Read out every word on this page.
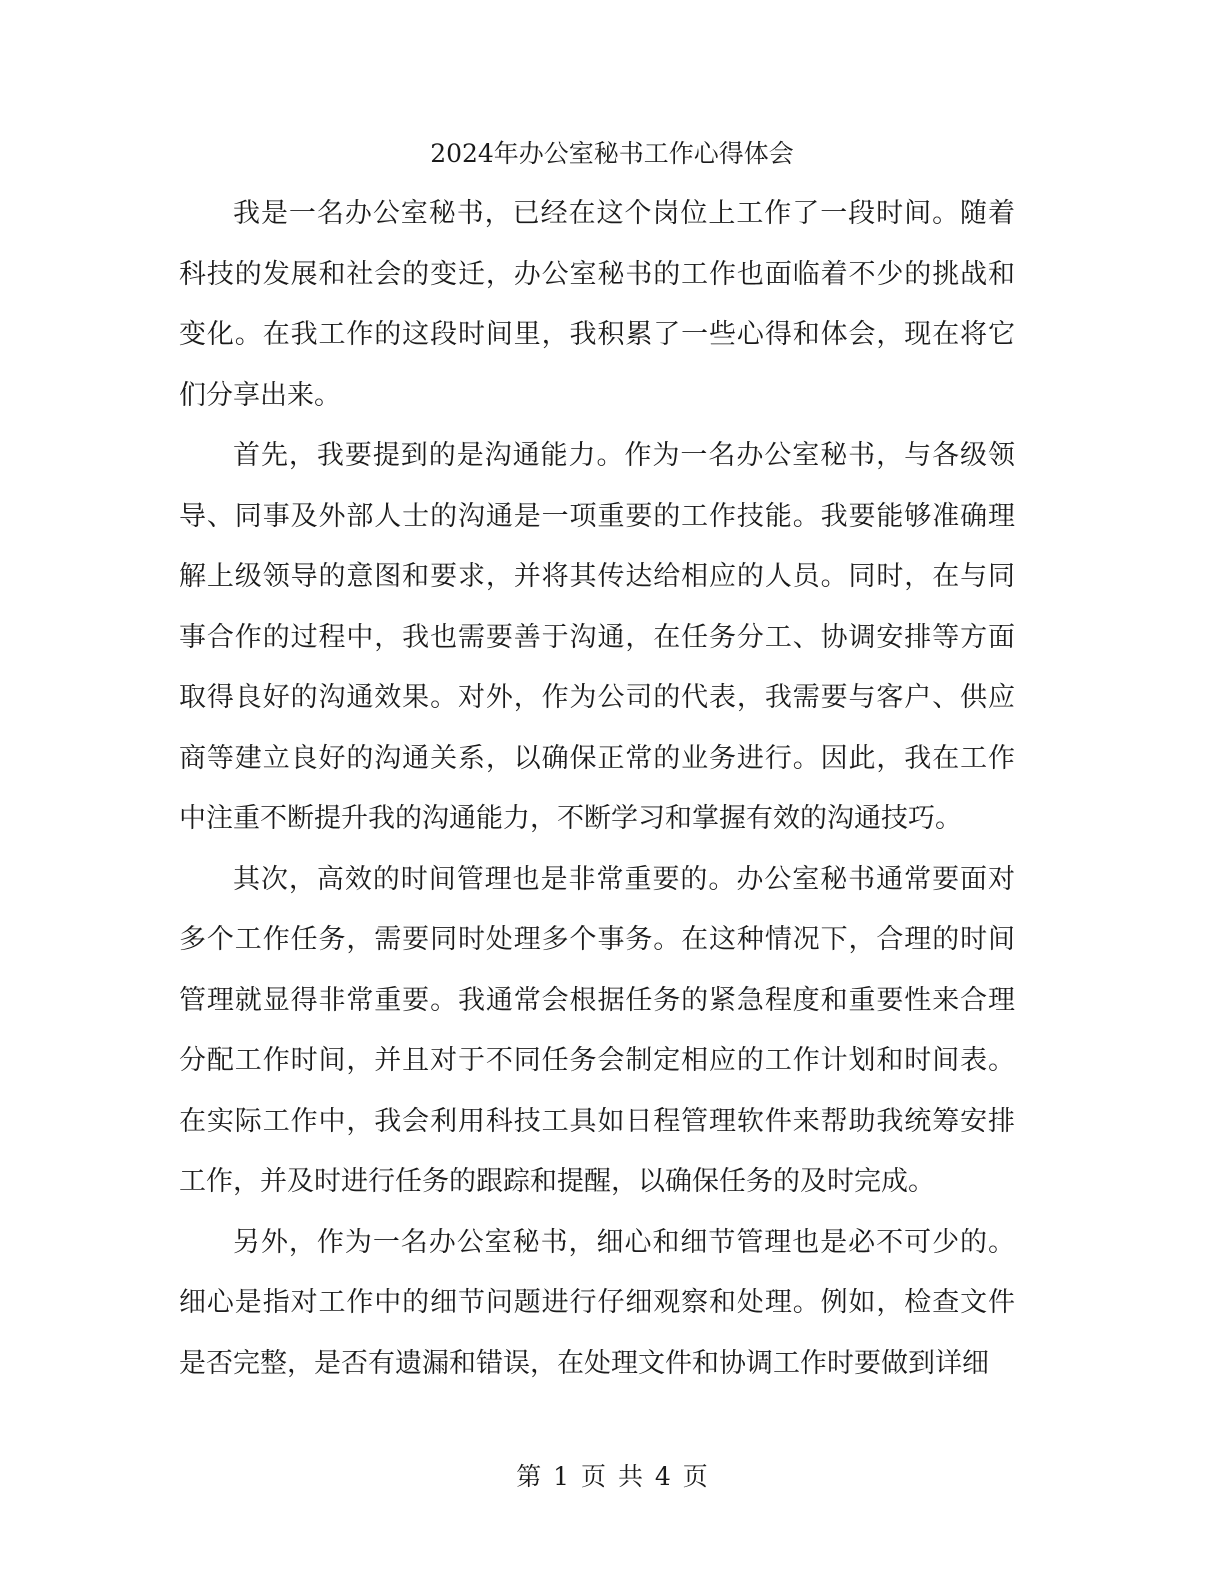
2024年办公室秘书工作心得体会

我是一名办公室秘书，已经在这个岗位上工作了一段时间。随着科技的发展和社会的变迁，办公室秘书的工作也面临着不少的挑战和变化。在我工作的这段时间里，我积累了一些心得和体会，现在将它们分享出来。

首先，我要提到的是沟通能力。作为一名办公室秘书，与各级领导、同事及外部人士的沟通是一项重要的工作技能。我要能够准确理解上级领导的意图和要求，并将其传达给相应的人员。同时，在与同事合作的过程中，我也需要善于沟通，在任务分工、协调安排等方面取得良好的沟通效果。对外，作为公司的代表，我需要与客户、供应商等建立良好的沟通关系，以确保正常的业务进行。因此，我在工作中注重不断提升我的沟通能力，不断学习和掌握有效的沟通技巧。

其次，高效的时间管理也是非常重要的。办公室秘书通常要面对多个工作任务，需要同时处理多个事务。在这种情况下，合理的时间管理就显得非常重要。我通常会根据任务的紧急程度和重要性来合理分配工作时间，并且对于不同任务会制定相应的工作计划和时间表。在实际工作中，我会利用科技工具如日程管理软件来帮助我统筹安排工作，并及时进行任务的跟踪和提醒，以确保任务的及时完成。

另外，作为一名办公室秘书，细心和细节管理也是必不可少的。细心是指对工作中的细节问题进行仔细观察和处理。例如，检查文件是否完整，是否有遗漏和错误，在处理文件和协调工作时要做到详细

第 1 页 共 4 页
